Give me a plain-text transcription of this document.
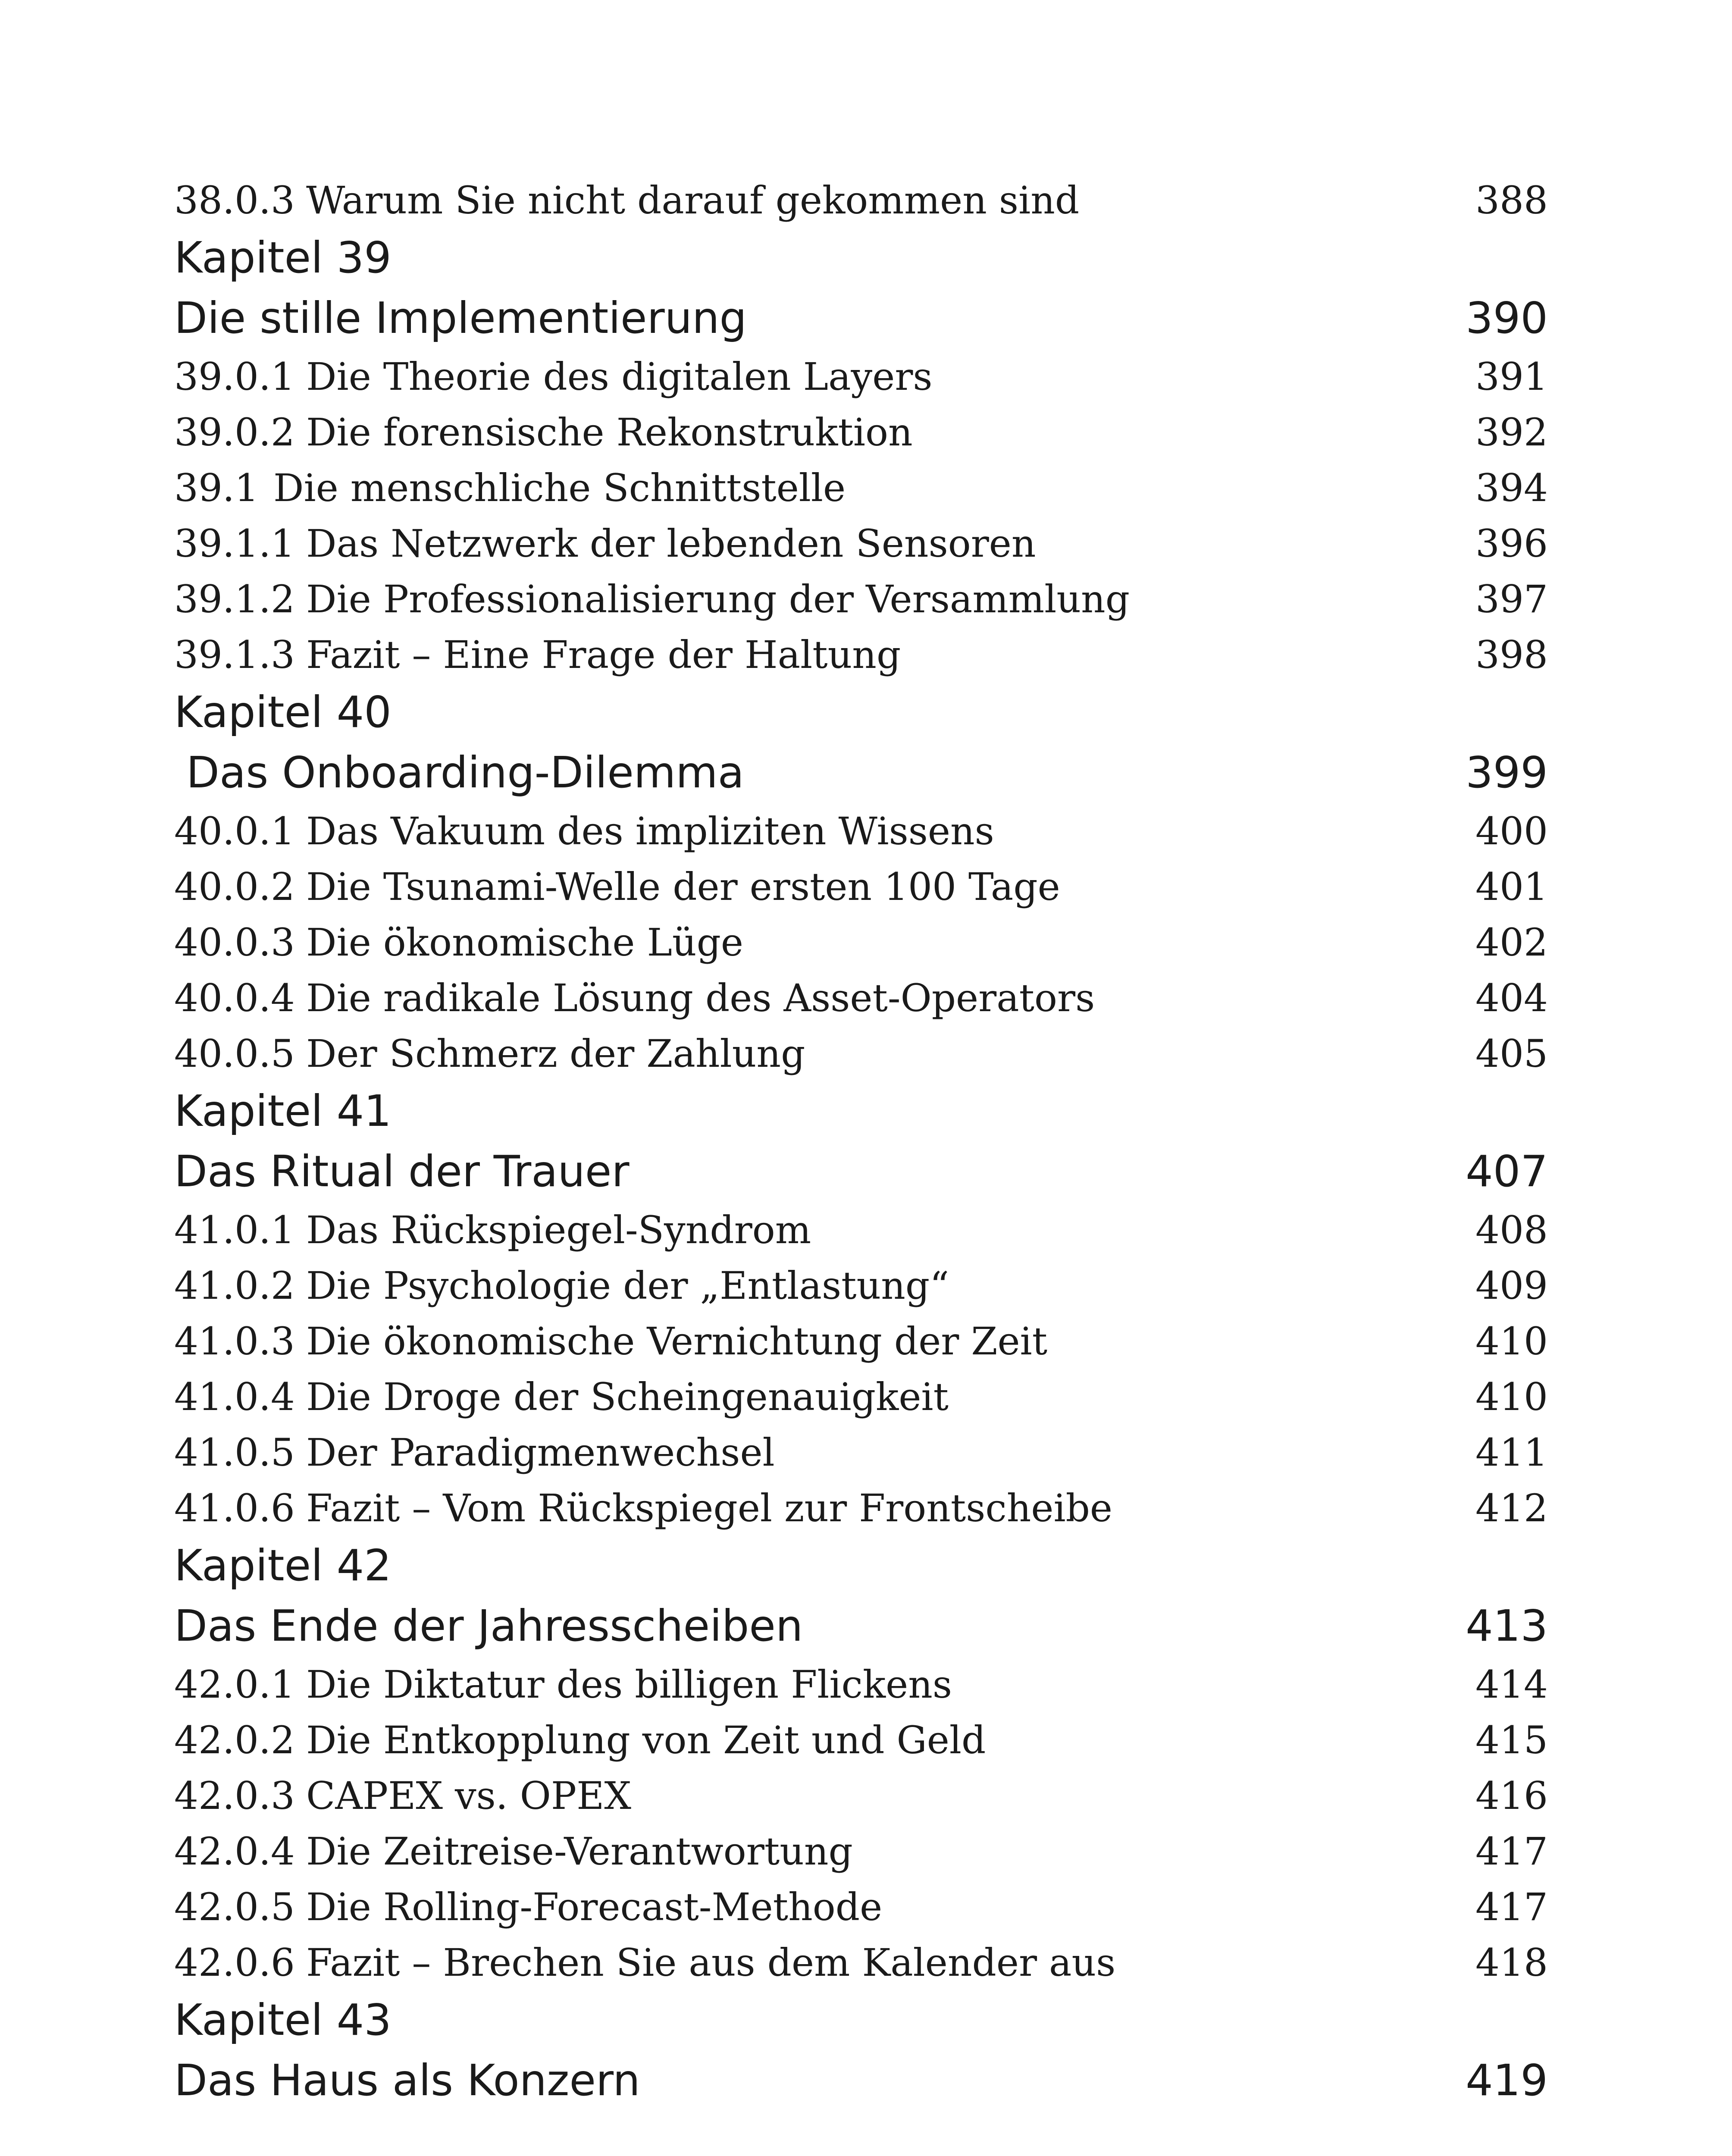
38.0.3 Warum Sie nicht darauf gekommen sind	388
Kapitel 39
Die stille Implementierung	390
39.0.1 Die Theorie des digitalen Layers	391
39.0.2 Die forensische Rekonstruktion	392
39.1 Die menschliche Schnittstelle	394
39.1.1 Das Netzwerk der lebenden Sensoren	396
39.1.2 Die Professionalisierung der Versammlung	397
39.1.3 Fazit – Eine Frage der Haltung	398
Kapitel 40
Das Onboarding-Dilemma	399
40.0.1 Das Vakuum des impliziten Wissens	400
40.0.2 Die Tsunami-Welle der ersten 100 Tage	401
40.0.3 Die ökonomische Lüge	402
40.0.4 Die radikale Lösung des Asset-Operators	404
40.0.5 Der Schmerz der Zahlung	405
Kapitel 41
Das Ritual der Trauer	407
41.0.1 Das Rückspiegel-Syndrom	408
41.0.2 Die Psychologie der „Entlastung“	409
41.0.3 Die ökonomische Vernichtung der Zeit	410
41.0.4 Die Droge der Scheingenauigkeit	410
41.0.5 Der Paradigmenwechsel	411
41.0.6 Fazit – Vom Rückspiegel zur Frontscheibe	412
Kapitel 42
Das Ende der Jahresscheiben	413
42.0.1 Die Diktatur des billigen Flickens	414
42.0.2 Die Entkopplung von Zeit und Geld	415
42.0.3 CAPEX vs. OPEX	416
42.0.4 Die Zeitreise-Verantwortung	417
42.0.5 Die Rolling-Forecast-Methode	417
42.0.6 Fazit – Brechen Sie aus dem Kalender aus	418
Kapitel 43
Das Haus als Konzern	419
